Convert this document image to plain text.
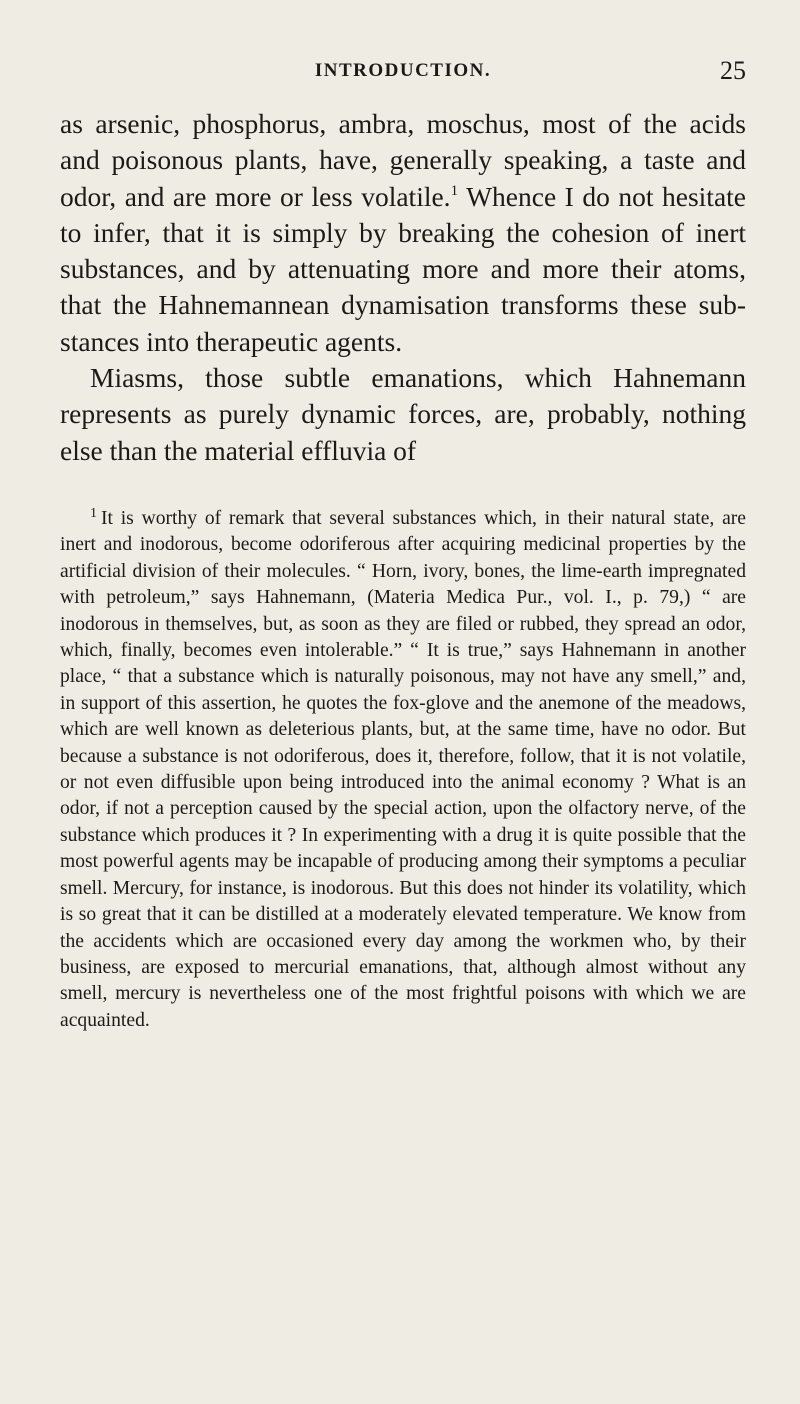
INTRODUCTION.	25

as arsenic, phosphorus, ambra, moschus, most of the acids and poisonous plants, have, generally speaking, a taste and odor, and are more or less volatile.$^1$ Whence I do not hesitate to infer, that it is simply by breaking the cohesion of inert substances, and by attenuating more and more their atoms, that the Hahnemannean dynamisation transforms these substances into therapeutic agents.

Miasms, those subtle emanations, which Hahnemann represents as purely dynamic forces, are, probably, nothing else than the material effluvia of

$^1$ It is worthy of remark that several substances which, in their natural state, are inert and inodorous, become odoriferous after acquiring medicinal properties by the artificial division of their molecules. “ Horn, ivory, bones, the lime-earth impregnated with petroleum,” says Hahnemann, (Materia Medica Pur., vol. I., p. 79,) “ are inodorous in themselves, but, as soon as they are filed or rubbed, they spread an odor, which, finally, becomes even intolerable.” “ It is true,” says Hahnemann in another place, “ that a substance which is naturally poisonous, may not have any smell,” and, in support of this assertion, he quotes the fox-glove and the anemone of the meadows, which are well known as deleterious plants, but, at the same time, have no odor. But because a substance is not odoriferous, does it, therefore, follow, that it is not volatile, or not even diffusible upon being introduced into the animal economy ? What is an odor, if not a perception caused by the special action, upon the olfactory nerve, of the substance which produces it ? In experimenting with a drug it is quite possible that the most powerful agents may be incapable of producing among their symptoms a peculiar smell. Mercury, for instance, is inodorous. But this does not hinder its volatility, which is so great that it can be distilled at a moderately elevated temperature. We know from the accidents which are occasioned every day among the workmen who, by their business, are exposed to mercurial emanations, that, although almost without any smell, mercury is nevertheless one of the most frightful poisons with which we are acquainted.
